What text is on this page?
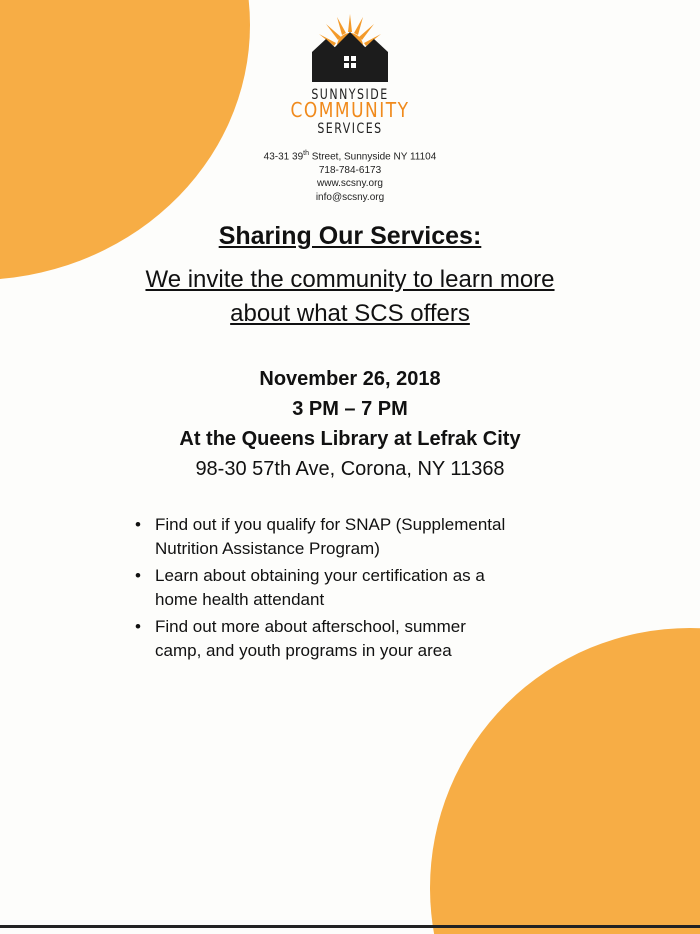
SUNNYSIDE
COMMUNITY
SERVICES
43-31 39th Street, Sunnyside NY 11104
718-784-6173
www.scsny.org
info@scsny.org
Sharing Our Services:
We invite the community to learn more
about what SCS offers
November 26, 2018
3 PM – 7 PM
At the Queens Library at Lefrak City
98-30 57th Ave, Corona, NY 11368
• Find out if you qualify for SNAP (Supplemental
Nutrition Assistance Program)
• Learn about obtaining your certification as a
home health attendant
• Find out more about afterschool, summer
camp, and youth programs in your area
